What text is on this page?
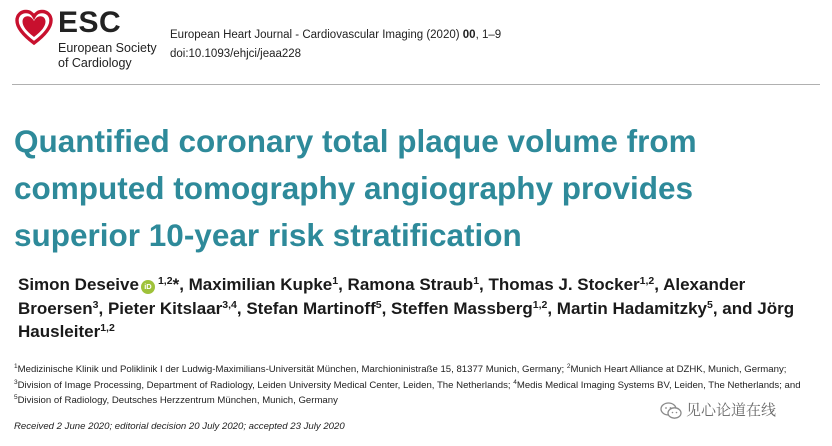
ESC
European Society
of Cardiology
European Heart Journal - Cardiovascular Imaging (2020) 00, 1–9
doi:10.1093/ehjci/jeaa228
Quantified coronary total plaque volume from
computed tomography angiography provides
superior 10-year risk stratification
Simon Deseive iD $^{1,2}$*, Maximilian Kupke$^1$, Ramona Straub$^1$, Thomas J. Stocker$^{1,2}$, Alexander Broersen$^3$, Pieter Kitslaar$^{3,4}$, Stefan Martinoff$^5$, Steffen Massberg$^{1,2}$, Martin Hadamitzky$^5$, and Jörg Hausleiter$^{1,2}$
$^1$Medizinische Klinik und Poliklinik I der Ludwig-Maximilians-Universität München, Marchioninistraße 15, 81377 Munich, Germany; $^2$Munich Heart Alliance at DZHK, Munich, Germany; $^3$Division of Image Processing, Department of Radiology, Leiden University Medical Center, Leiden, The Netherlands; $^4$Medis Medical Imaging Systems BV, Leiden, The Netherlands; and $^5$Division of Radiology, Deutsches Herzzentrum München, Munich, Germany
Received 2 June 2020; editorial decision 20 July 2020; accepted 23 July 2020
见心论道在线
